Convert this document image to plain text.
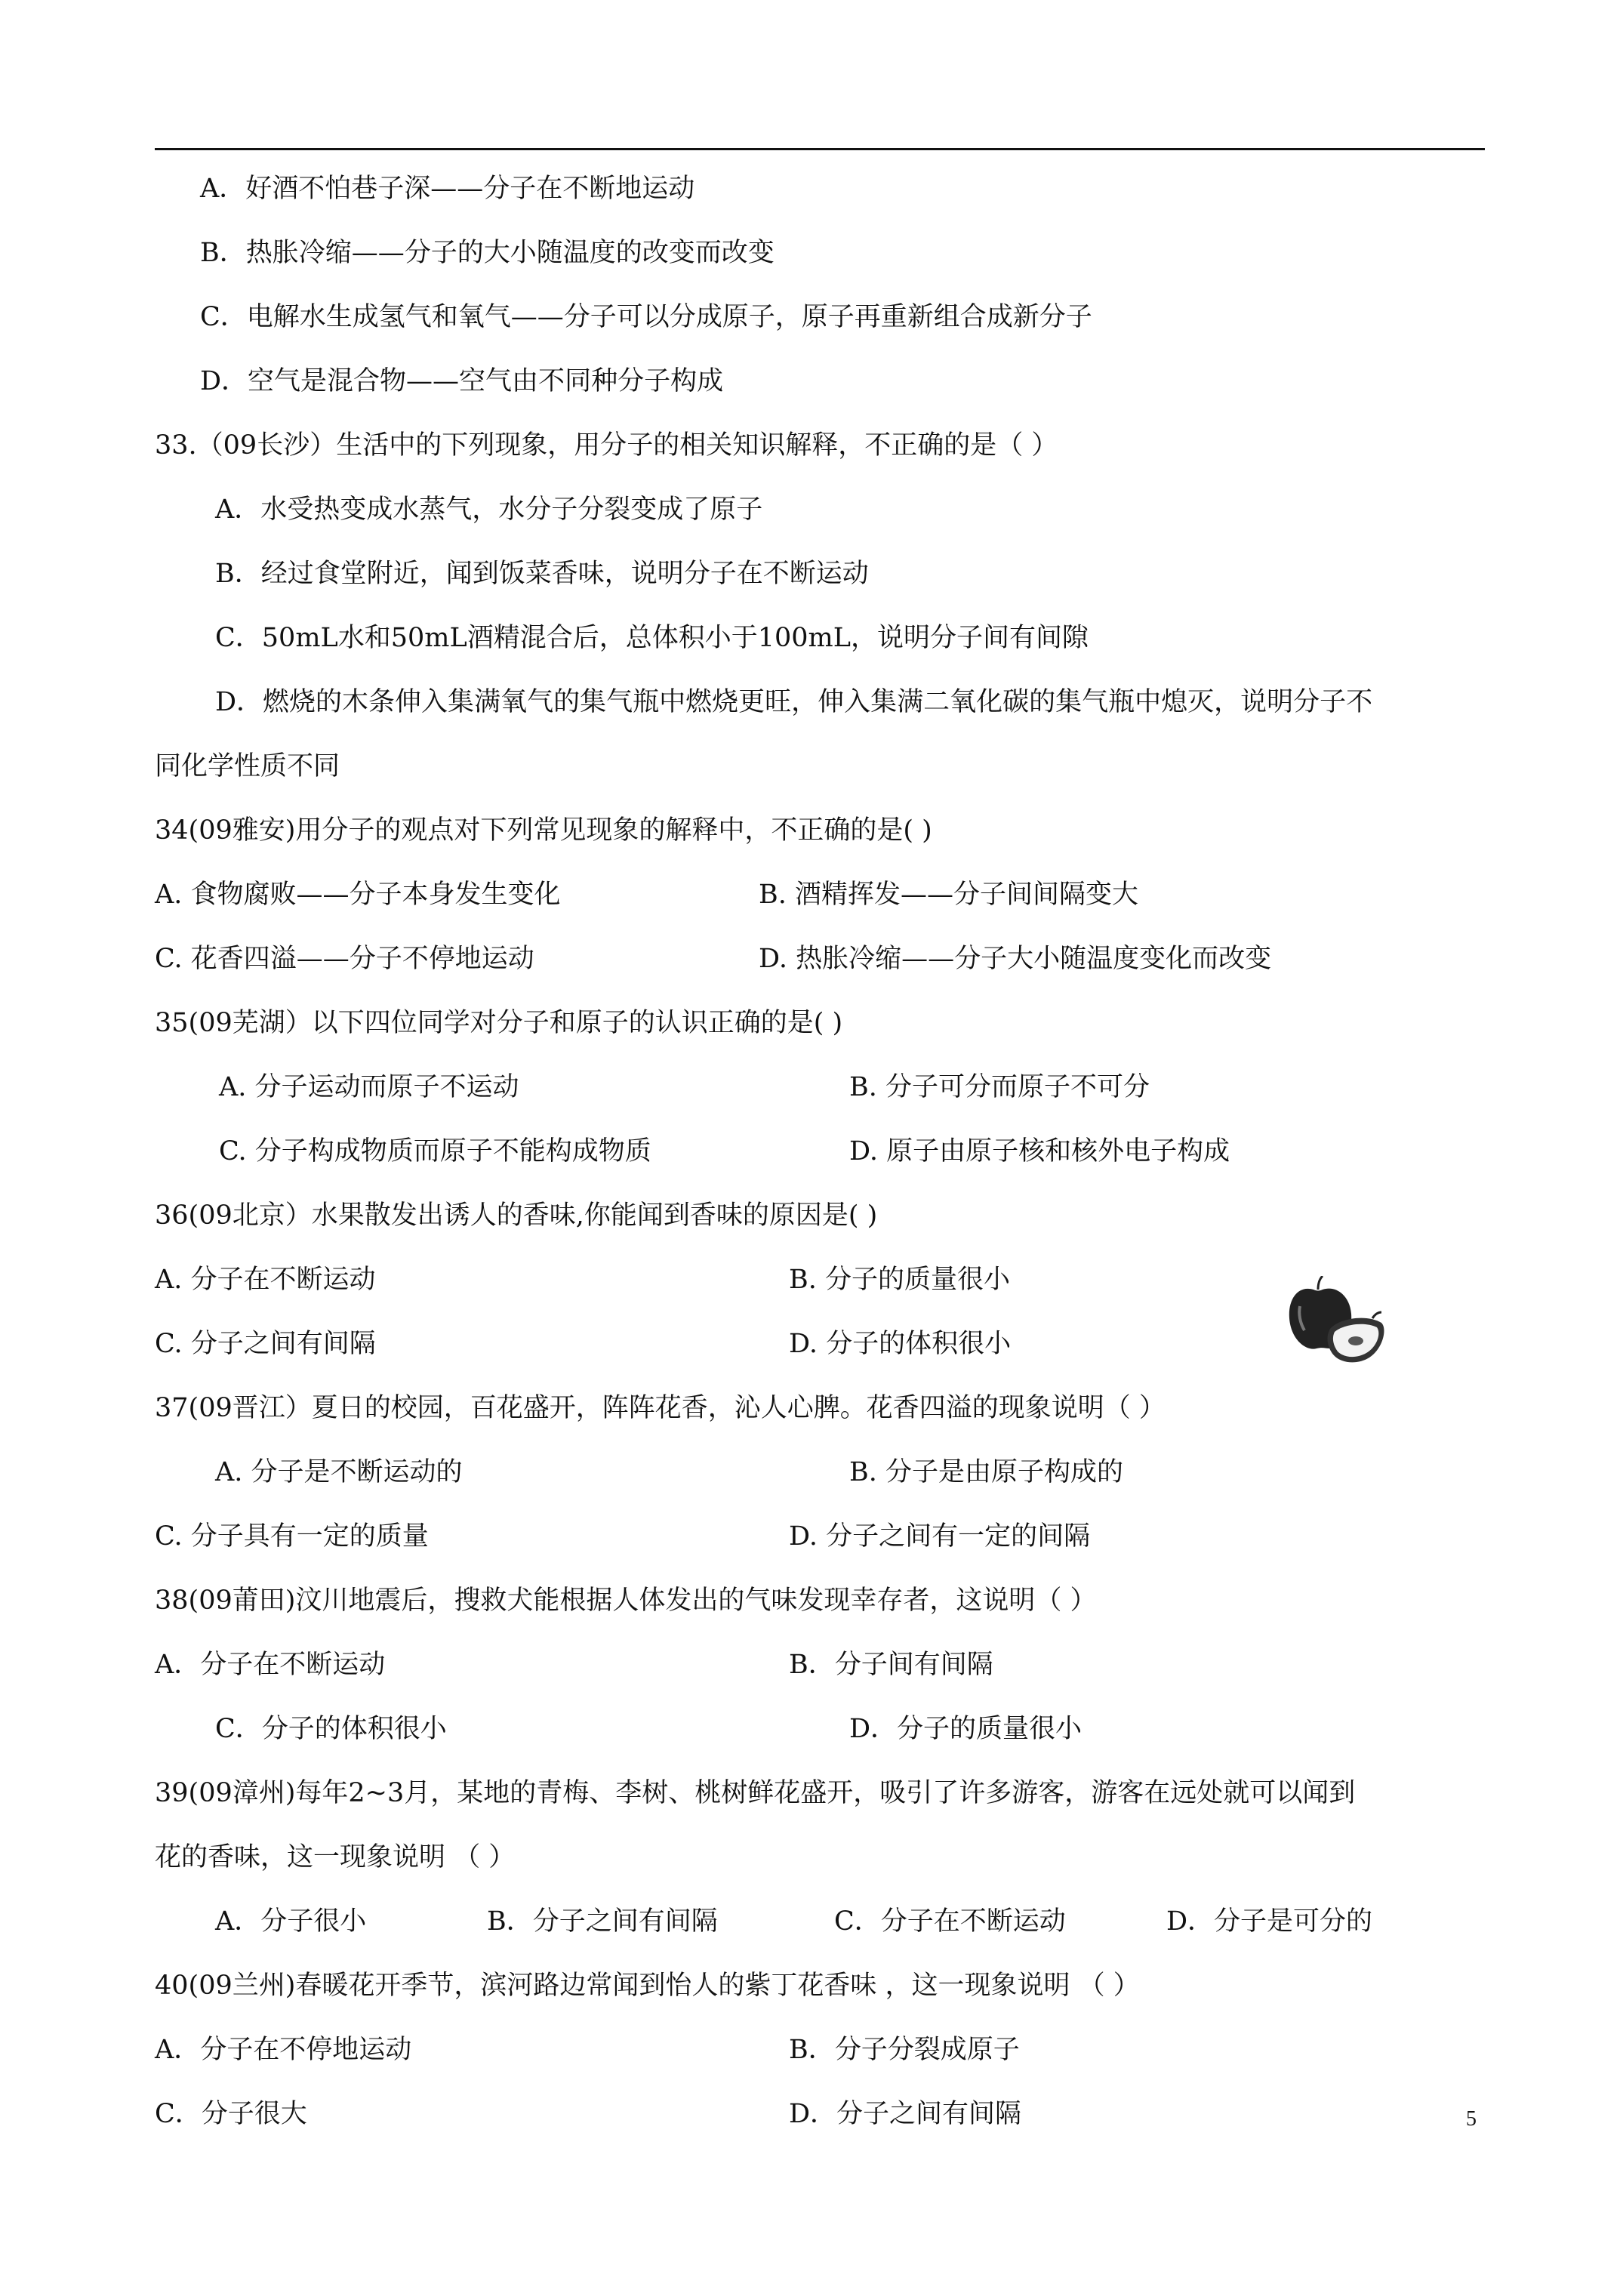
A．好酒不怕巷子深——分子在不断地运动
B．热胀冷缩——分子的大小随温度的改变而改变
C．电解水生成氢气和氧气——分子可以分成原子，原子再重新组合成新分子
D．空气是混合物——空气由不同种分子构成
33.（09长沙）生活中的下列现象，用分子的相关知识解释，不正确的是（ ）
A．水受热变成水蒸气，水分子分裂变成了原子
B．经过食堂附近，闻到饭菜香味，说明分子在不断运动
C．50mL水和50mL酒精混合后，总体积小于100mL，说明分子间有间隙
D．燃烧的木条伸入集满氧气的集气瓶中燃烧更旺，伸入集满二氧化碳的集气瓶中熄灭，说明分子不
同化学性质不同
34(09雅安)用分子的观点对下列常见现象的解释中，不正确的是( )
A. 食物腐败——分子本身发生变化	B. 酒精挥发——分子间间隔变大
C. 花香四溢——分子不停地运动	D. 热胀冷缩——分子大小随温度变化而改变
35(09芜湖）以下四位同学对分子和原子的认识正确的是( )
A. 分子运动而原子不运动	B. 分子可分而原子不可分
C. 分子构成物质而原子不能构成物质	D. 原子由原子核和核外电子构成
36(09北京）水果散发出诱人的香味,你能闻到香味的原因是( )
A. 分子在不断运动	B. 分子的质量很小
C. 分子之间有间隔	D. 分子的体积很小
37(09晋江）夏日的校园，百花盛开，阵阵花香，沁人心脾。花香四溢的现象说明（ ）
A. 分子是不断运动的	B. 分子是由原子构成的
C. 分子具有一定的质量	D. 分子之间有一定的间隔
38(09莆田)汶川地震后，搜救犬能根据人体发出的气味发现幸存者，这说明（ ）
A．分子在不断运动	B．分子间有间隔
C．分子的体积很小	D．分子的质量很小
39(09漳州)每年2~3月，某地的青梅、李树、桃树鲜花盛开，吸引了许多游客，游客在远处就可以闻到
花的香味，这一现象说明 （ ）
A．分子很小	B．分子之间有间隔	C．分子在不断运动	D．分子是可分的
40(09兰州)春暖花开季节，滨河路边常闻到怡人的紫丁花香味 ，这一现象说明 （ ）
A．分子在不停地运动	B．分子分裂成原子
C．分子很大	D．分子之间有间隔	5
